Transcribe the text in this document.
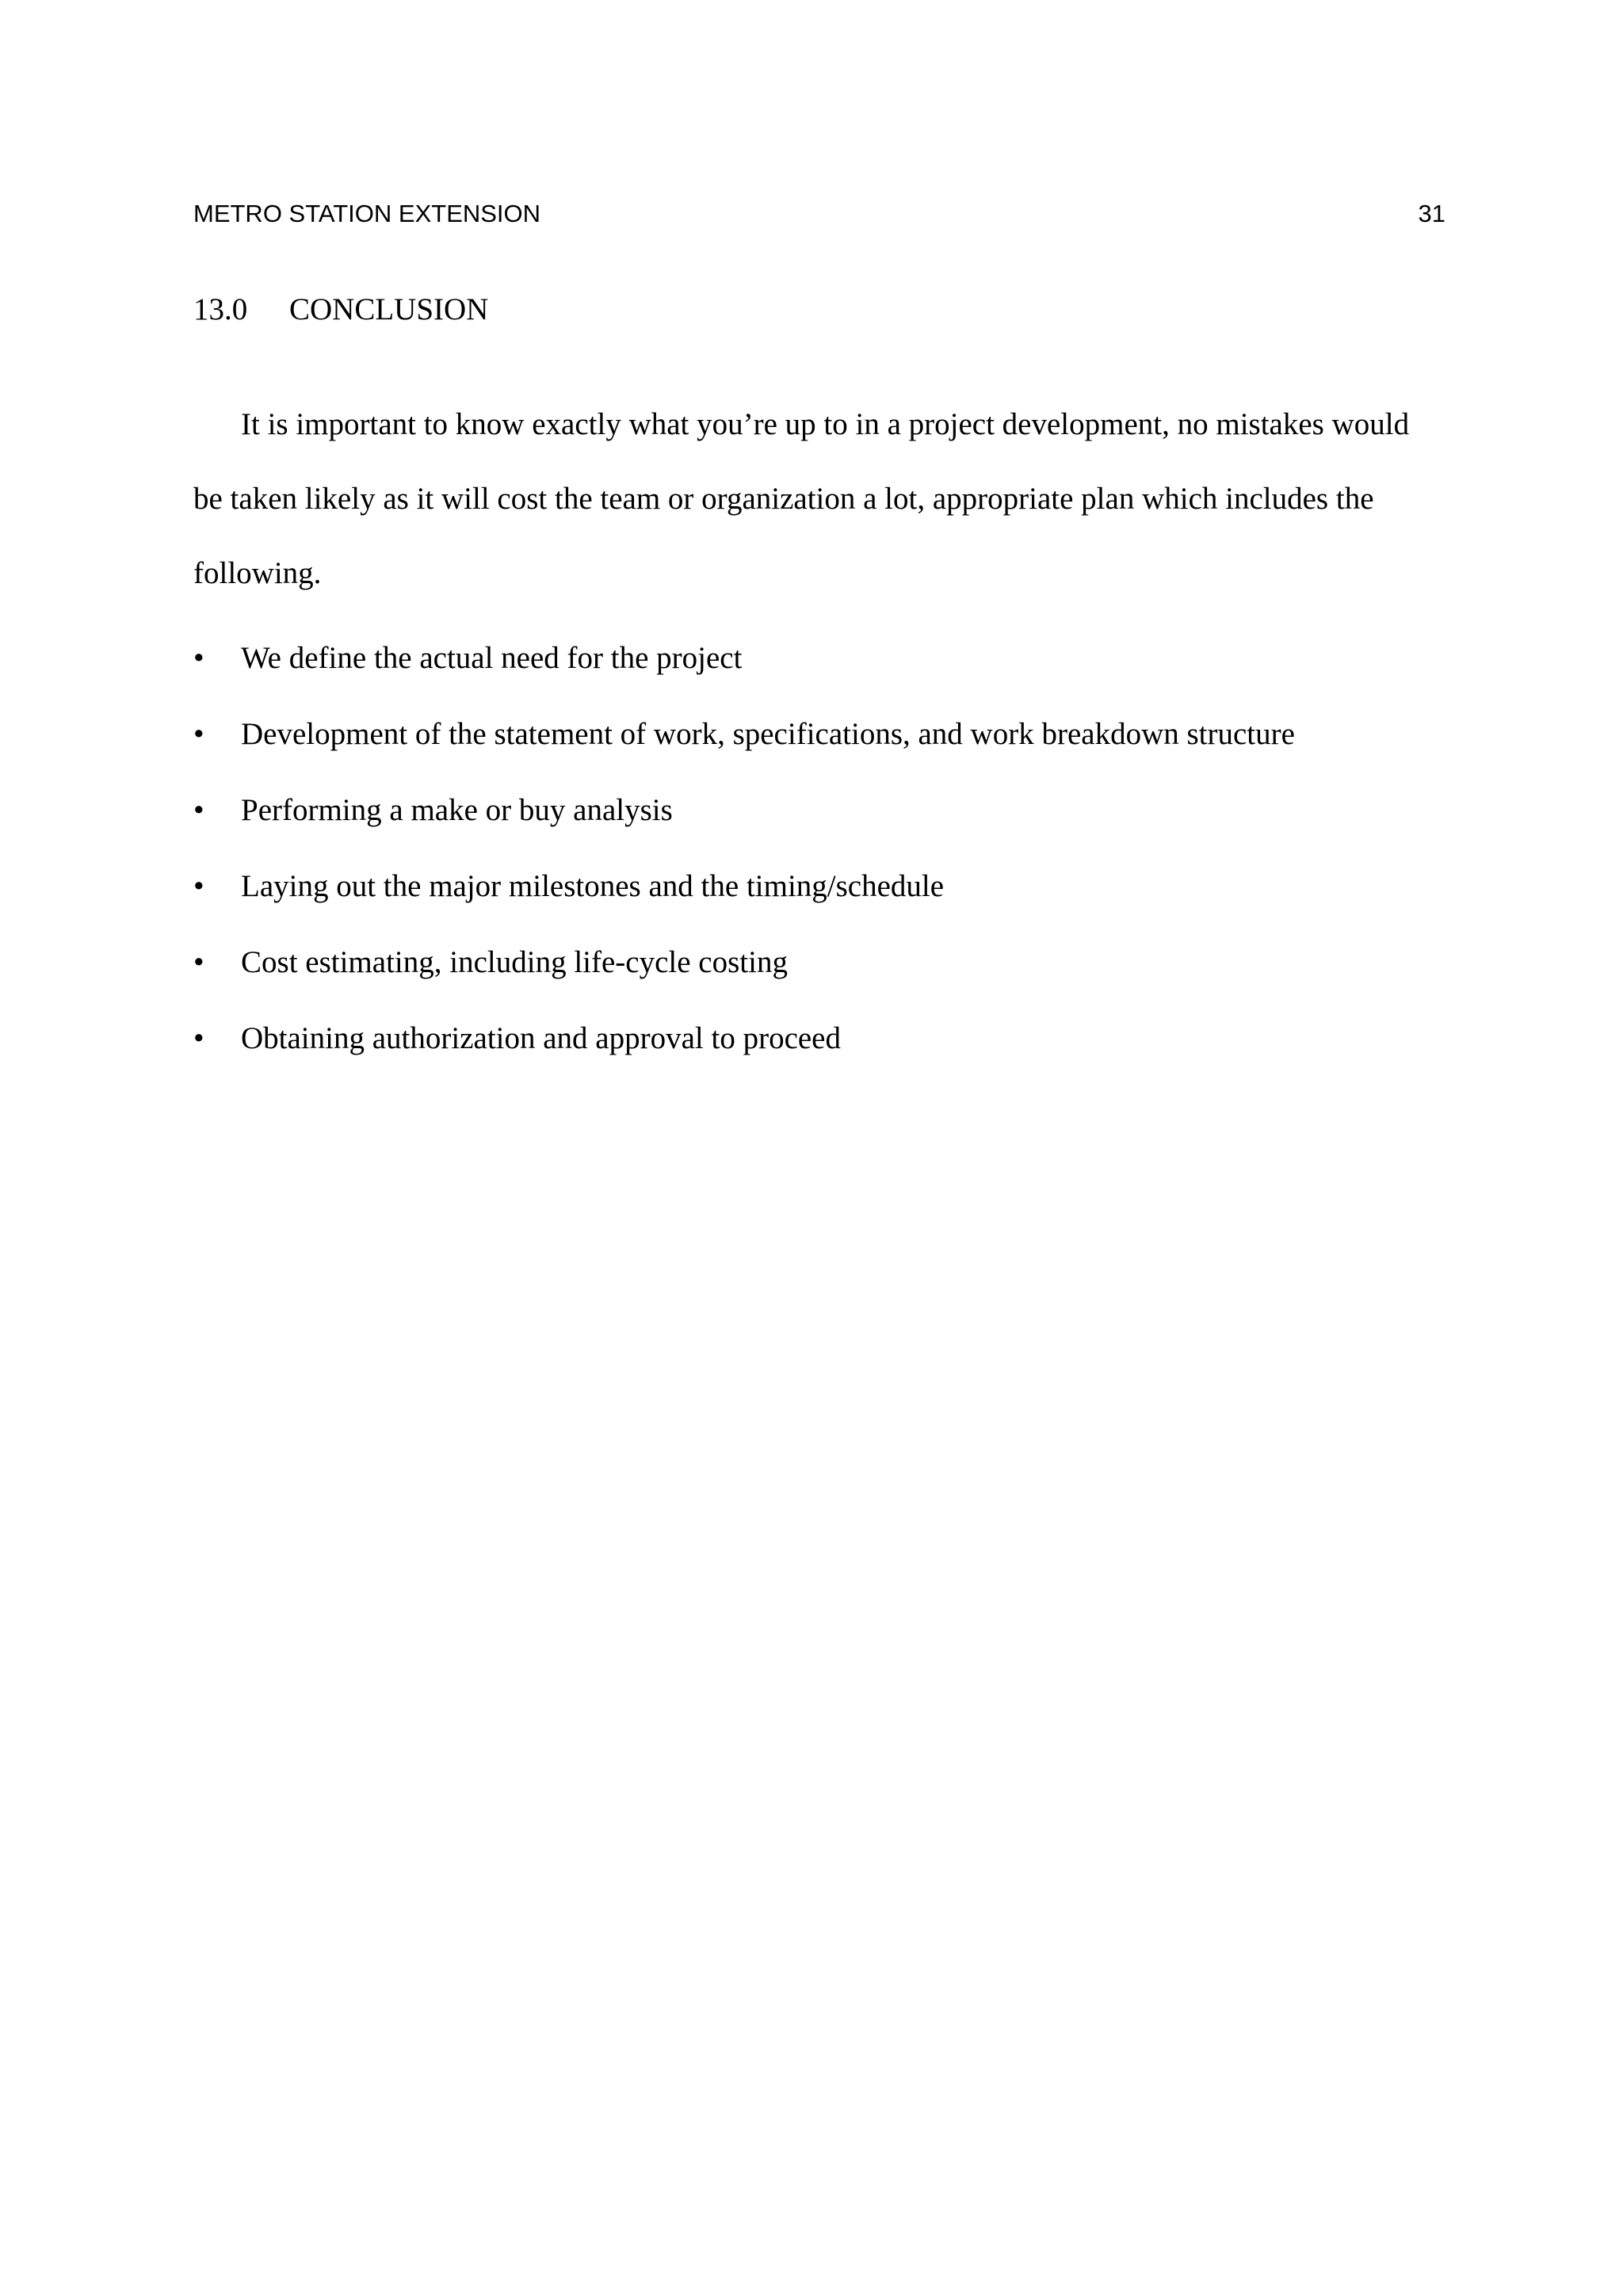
METRO STATION EXTENSION	31
13.0 CONCLUSION

It is important to know exactly what you’re up to in a project development, no mistakes would be taken likely as it will cost the team or organization a lot, appropriate plan which includes the following.

• We define the actual need for the project
• Development of the statement of work, specifications, and work breakdown structure
• Performing a make or buy analysis
• Laying out the major milestones and the timing/schedule
• Cost estimating, including life-cycle costing
• Obtaining authorization and approval to proceed
